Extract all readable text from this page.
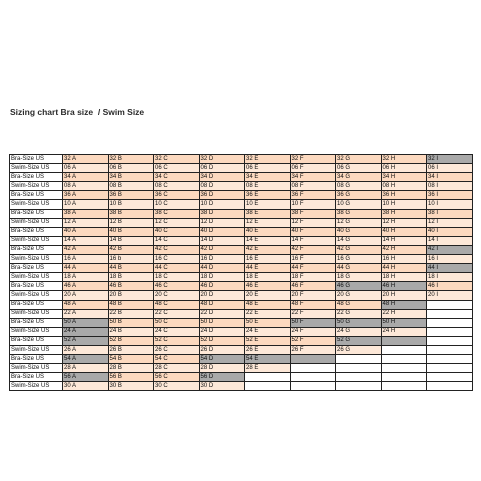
Sizing chart Bra size  / Swim Size
Bra-Size US	32 A	32 B	32 C	32 D	32 E	32 F	32 G	32 H	32 I
Swim-Size US	06 A	06 B	06 C	06 D	06 E	06 F	06 G	06 H	06 I
Bra-Size US	34 A	34 B	34 C	34 D	34 E	34 F	34 G	34 H	34 I
Swim-Size US	08 A	08 B	08 C	08 D	08 E	08 F	08 G	08 H	08 I
Bra-Size US	36 A	36 B	36 C	36 D	36 E	36 F	36 G	36 H	36 I
Swim-Size US	10 A	10 B	10 C	10 D	10 E	10 F	10 G	10 H	10 I
Bra-Size US	38 A	38 B	38 C	38 D	38 E	38 F	38 G	38 H	38 I
Swim-Size US	12 A	12 B	12 C	12 D	12 E	12 F	12 G	12 H	12 I
Bra-Size US	40 A	40 B	40 C	40 D	40 E	40 F	40 G	40 H	40 I
Swim-Size US	14 A	14 B	14 C	14 D	14 E	14 F	14 G	14 H	14 I
Bra-Size US	42 A	42 B	42 C	42 D	42 E	42 F	42 G	42 H	42 I
Swim-Size US	16 A	16 b	16 C	16 D	16 E	16 F	16 G	16 H	16 I
Bra-Size US	44 A	44 B	44 C	44 D	44 E	44 F	44 G	44 H	44 I
Swim-Size US	18 A	18 B	18 C	18 D	18 E	18 F	18 G	18 H	18 I
Bra-Size US	46 A	46 B	46 C	46 D	46 E	46 F	46 G	46 H	46 I
Swim-Size US	20 A	20 B	20 C	20 D	20 E	20 F	20 G	20 H	20 I
Bra-Size US	48 A	48 B	48 C	48 D	48 E	48 F	48 G	48 H	
Swim-Size US	22 A	22 B	22 C	22 D	22 E	22 F	22 G	22 H	
Bra-Size US	50 A	50 B	50 C	50 D	50 E	50 F	50 G	50 H	
Swim-Size US	24 A	24 B	24 C	24 D	24 E	24 F	24 G	24 H	
Bra-Size US	52 A	52 B	52 C	52 D	52 E	52 F	52 G		
Swim-Size US	26 A	26 B	26 C	26 D	26 E	26 F	26 G		
Bra-Size US	54 A	54 B	54 C	54 D	54 E				
Swim-Size US	28 A	28 B	28 C	28 D	28 E				
Bra-Size US	56 A	56 B	56 C	56 D					
Swim-Size US	30 A	30 B	30 C	30 D					
